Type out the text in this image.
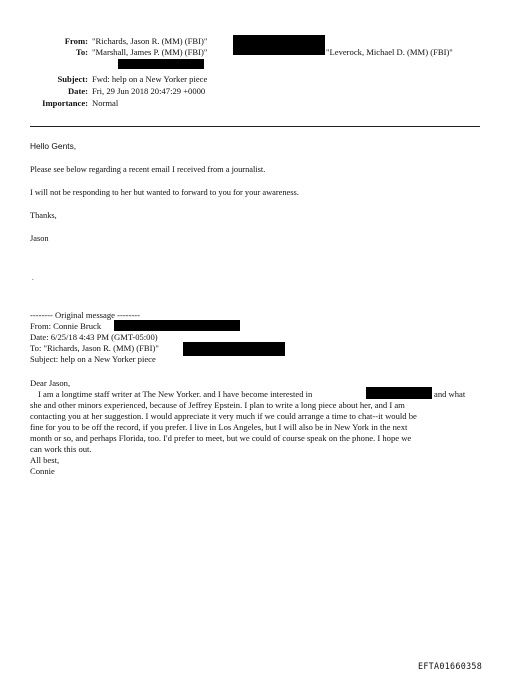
From: "Richards, Jason R. (MM) (FBI)"
To: "Marshall, James P. (MM) (FBI)"	"Leverock, Michael D. (MM) (FBI)"
Subject: Fwd: help on a New Yorker piece
Date: Fri, 29 Jun 2018 20:47:29 +0000
Importance: Normal
Hello Gents,
Please see below regarding a recent email I received from a journalist.
I will not be responding to her but wanted to forward to you for your awareness.
Thanks,
Jason
.
-------- Original message --------
From: Connie Bruck
Date: 6/25/18 4:43 PM (GMT-05:00)
To: "Richards, Jason R. (MM) (FBI)"
Subject: help on a New Yorker piece
Dear Jason,
I am a longtime staff writer at The New Yorker. and I have become interested in	and what
she and other minors experienced, because of Jeffrey Epstein. I plan to write a long piece about her, and I am
contacting you at her suggestion. I would appreciate it very much if we could arrange a time to chat--it would be
fine for you to be off the record, if you prefer. I live in Los Angeles, but I will also be in New York in the next
month or so, and perhaps Florida, too. I'd prefer to meet, but we could of course speak on the phone. I hope we
can work this out.
All best,
Connie
EFTA01660358
